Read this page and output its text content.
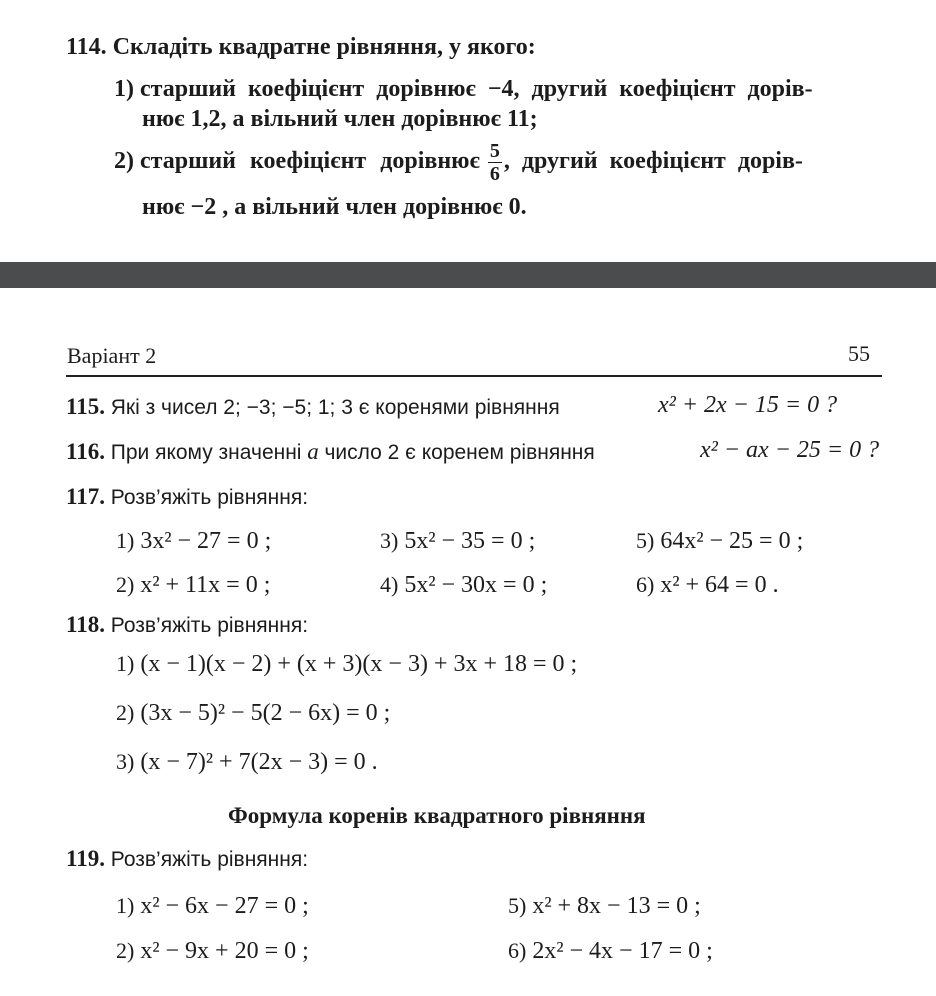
114. Складіть квадратне рівняння, у якого:
1) старший коефіцієнт дорівнює −4, другий коефіцієнт дорів-
нює 1,2, а вільний член дорівнює 11;
2) старший коефіцієнт дорівнює $\frac{5}{6}$ , другий коефіцієнт дорів-
нює −2 , а вільний член дорівнює 0.
Варіант 2	55
115. Які з чисел 2; −3; −5; 1; 3 є коренями рівняння	x² + 2x − 15 = 0 ?
116. При якому значенні a число 2 є коренем рівняння	x² − ax − 25 = 0 ?
117. Розв’яжіть рівняння:
1) 3x² − 27 = 0 ;	3) 5x² − 35 = 0 ;	5) 64x² − 25 = 0 ;
2) x² + 11x = 0 ;	4) 5x² − 30x = 0 ;	6) x² + 64 = 0 .
118. Розв’яжіть рівняння:
1) (x − 1)(x − 2) + (x + 3)(x − 3) + 3x + 18 = 0 ;
2) (3x − 5)² − 5(2 − 6x) = 0 ;
3) (x − 7)² + 7(2x − 3) = 0 .
Формула коренів квадратного рівняння
119. Розв’яжіть рівняння:
1) x² − 6x − 27 = 0 ;	5) x² + 8x − 13 = 0 ;
2) x² − 9x + 20 = 0 ;	6) 2x² − 4x − 17 = 0 ;
